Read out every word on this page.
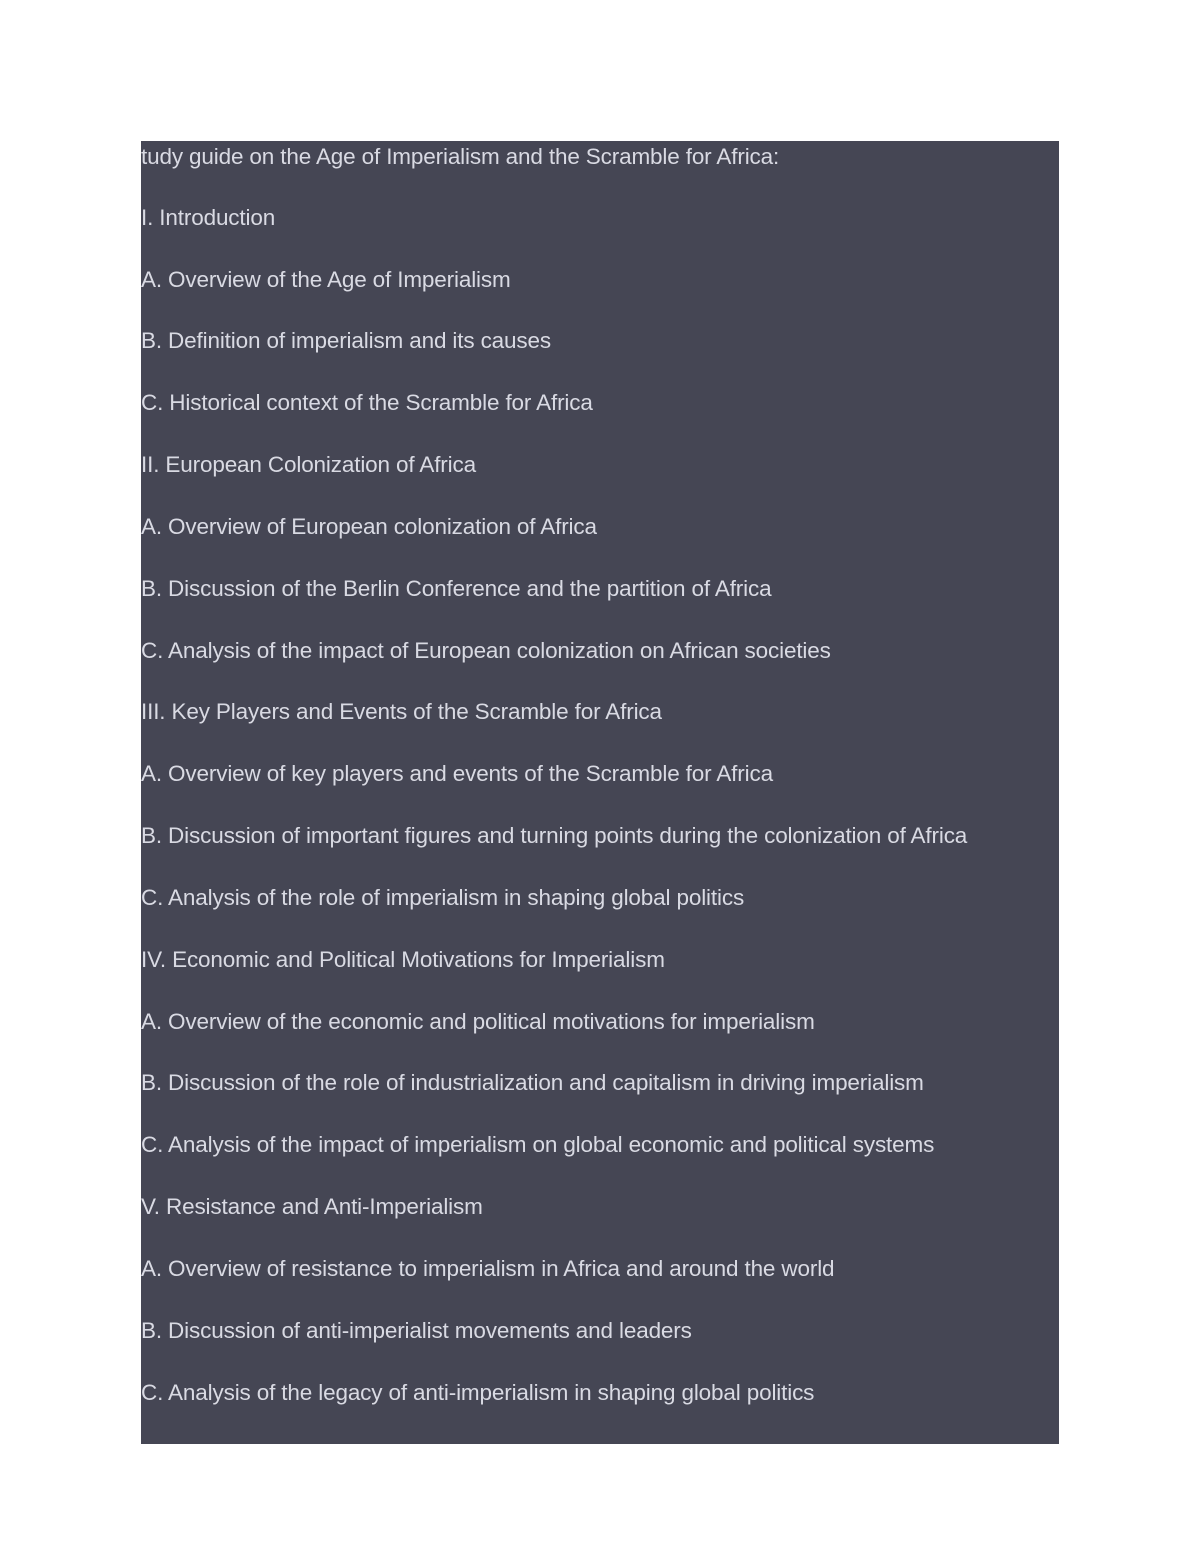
tudy guide on the Age of Imperialism and the Scramble for Africa:

I. Introduction

A. Overview of the Age of Imperialism

B. Definition of imperialism and its causes

C. Historical context of the Scramble for Africa

II. European Colonization of Africa

A. Overview of European colonization of Africa

B. Discussion of the Berlin Conference and the partition of Africa

C. Analysis of the impact of European colonization on African societies

III. Key Players and Events of the Scramble for Africa

A. Overview of key players and events of the Scramble for Africa

B. Discussion of important figures and turning points during the colonization of Africa

C. Analysis of the role of imperialism in shaping global politics

IV. Economic and Political Motivations for Imperialism

A. Overview of the economic and political motivations for imperialism

B. Discussion of the role of industrialization and capitalism in driving imperialism

C. Analysis of the impact of imperialism on global economic and political systems

V. Resistance and Anti-Imperialism

A. Overview of resistance to imperialism in Africa and around the world

B. Discussion of anti-imperialist movements and leaders

C. Analysis of the legacy of anti-imperialism in shaping global politics
